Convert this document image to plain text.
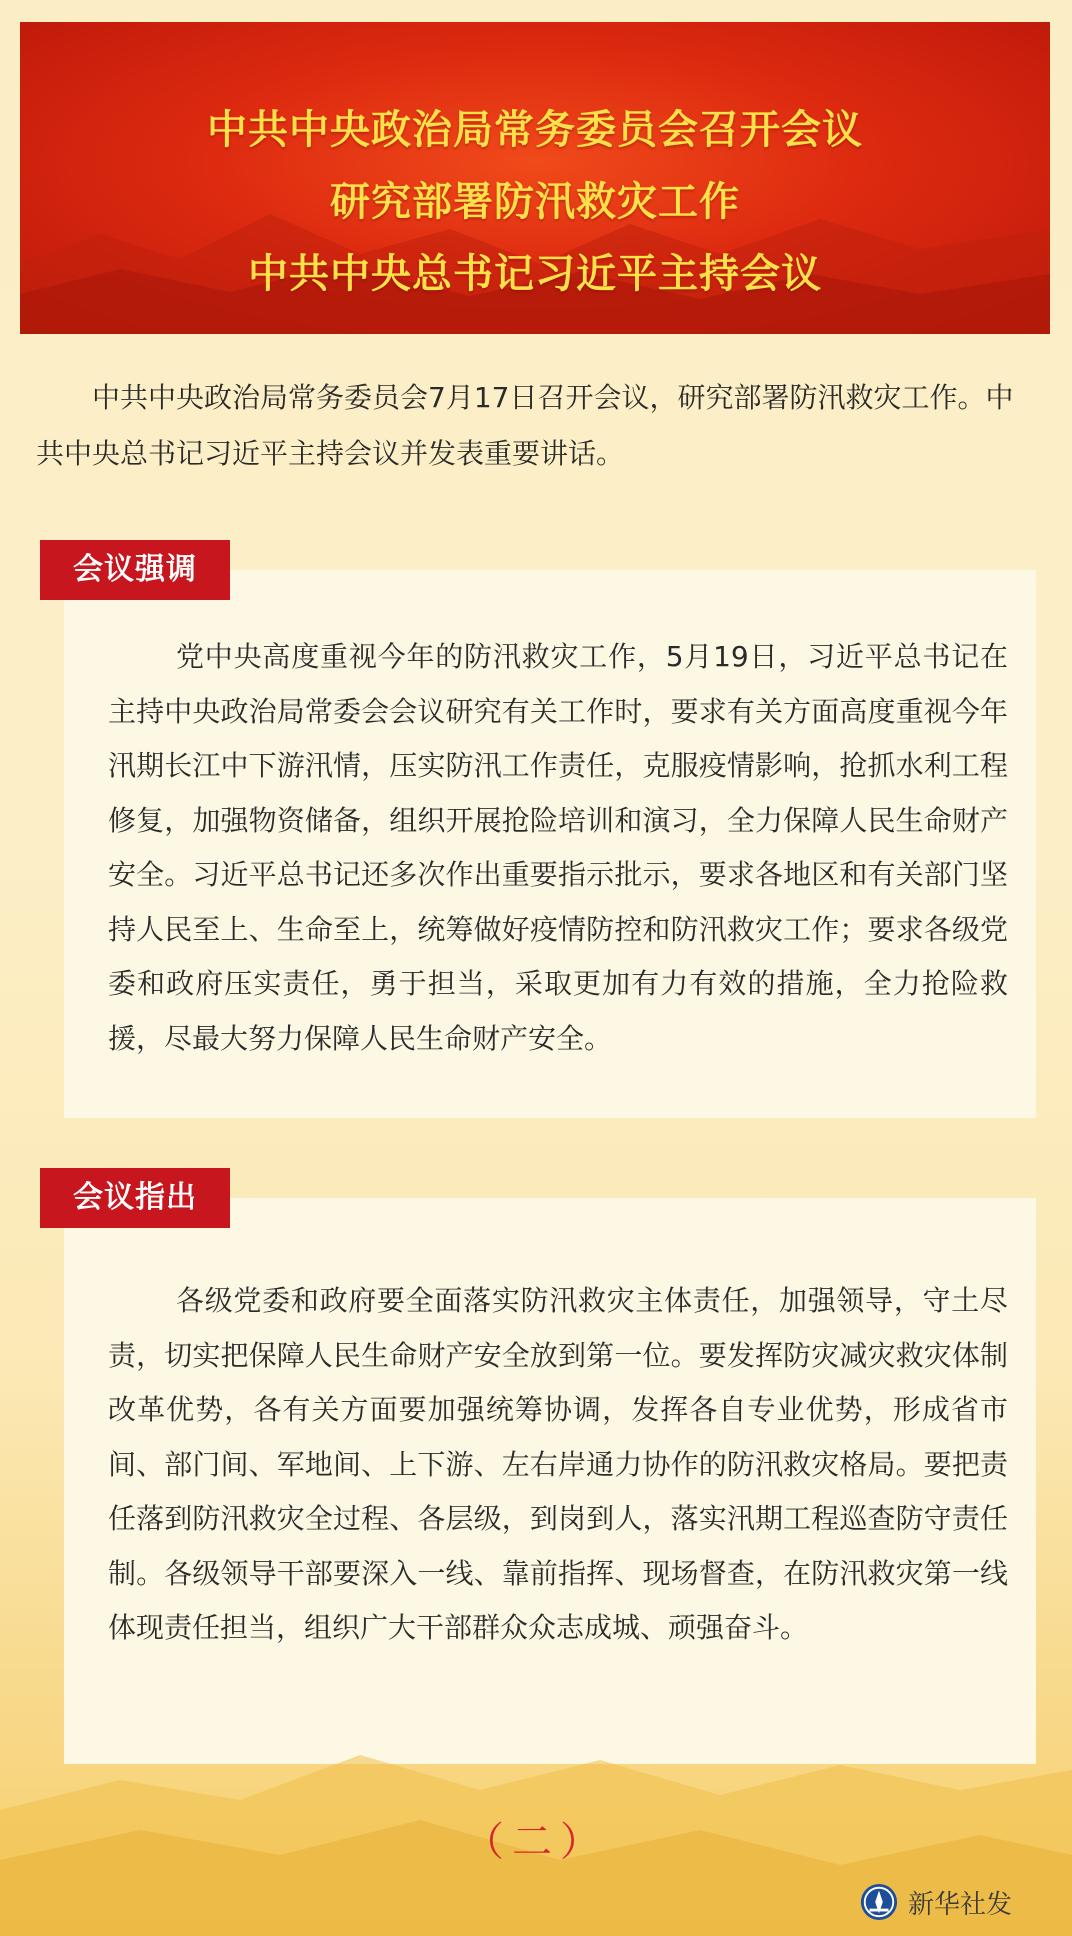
中共中央政治局常务委员会召开会议
研究部署防汛救灾工作
中共中央总书记习近平主持会议
中共中央政治局常务委员会7月17日召开会议，研究部署防汛救灾工作。中共中央总书记习近平主持会议并发表重要讲话。
会议强调
党中央高度重视今年的防汛救灾工作，5月19日，习近平总书记在主持中央政治局常委会会议研究有关工作时，要求有关方面高度重视今年汛期长江中下游汛情，压实防汛工作责任，克服疫情影响，抢抓水利工程修复，加强物资储备，组织开展抢险培训和演习，全力保障人民生命财产安全。习近平总书记还多次作出重要指示批示，要求各地区和有关部门坚持人民至上、生命至上，统筹做好疫情防控和防汛救灾工作；要求各级党委和政府压实责任，勇于担当，采取更加有力有效的措施，全力抢险救援，尽最大努力保障人民生命财产安全。
会议指出
各级党委和政府要全面落实防汛救灾主体责任，加强领导，守土尽责，切实把保障人民生命财产安全放到第一位。要发挥防灾减灾救灾体制改革优势，各有关方面要加强统筹协调，发挥各自专业优势，形成省市间、部门间、军地间、上下游、左右岸通力协作的防汛救灾格局。要把责任落到防汛救灾全过程、各层级，到岗到人，落实汛期工程巡查防守责任制。各级领导干部要深入一线、靠前指挥、现场督查，在防汛救灾第一线体现责任担当，组织广大干部群众众志成城、顽强奋斗。
（二）
新华社发
